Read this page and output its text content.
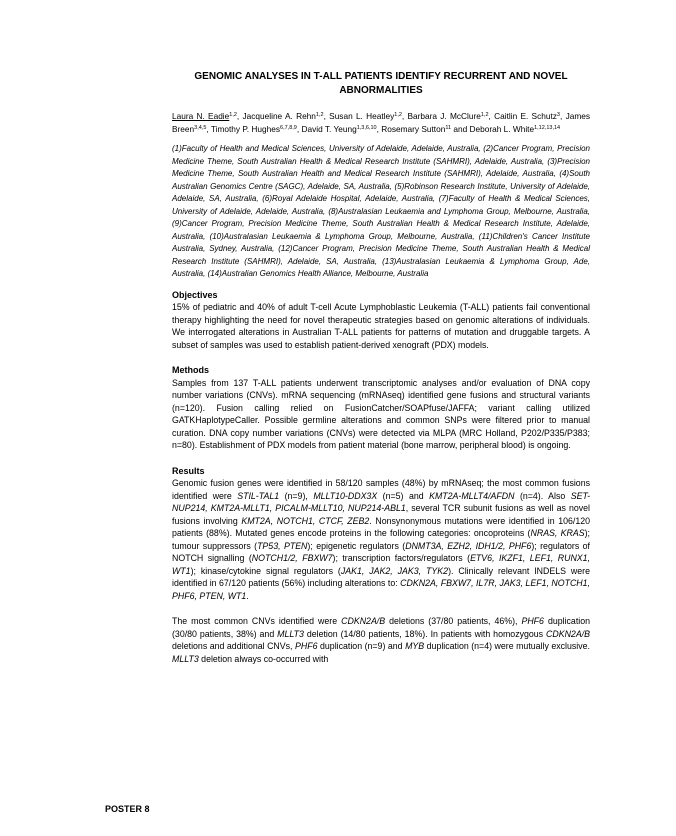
GENOMIC ANALYSES IN T-ALL PATIENTS IDENTIFY RECURRENT AND NOVEL ABNORMALITIES
Laura N. Eadie$^{1,2}$, Jacqueline A. Rehn$^{1,2}$, Susan L. Heatley$^{1,2}$, Barbara J. McClure$^{1,2}$, Caitlin E. Schutz$^3$, James Breen$^{3,4,5}$, Timothy P. Hughes$^{6,7,8,9}$, David T. Yeung$^{1,3,6,10}$, Rosemary Sutton$^{11}$ and Deborah L. White$^{1,12,13,14}$
(1)Faculty of Health and Medical Sciences, University of Adelaide, Adelaide, Australia, (2)Cancer Program, Precision Medicine Theme, South Australian Health & Medical Research Institute (SAHMRI), Adelaide, Australia, (3)Precision Medicine Theme, South Australian Health and Medical Research Institute (SAHMRI), Adelaide, Australia, (4)South Australian Genomics Centre (SAGC), Adelaide, SA, Australia, (5)Robinson Research Institute, University of Adelaide, Adelaide, SA, Australia, (6)Royal Adelaide Hospital, Adelaide, Australia, (7)Faculty of Health & Medical Sciences, University of Adelaide, Adelaide, Australia, (8)Australasian Leukaemia and Lymphoma Group, Melbourne, Australia, (9)Cancer Program, Precision Medicine Theme, South Australian Health & Medical Research Institute, Adelaide, Australia, (10)Australasian Leukaemia & Lymphoma Group, Melbourne, Australia, (11)Children's Cancer Institute Australia, Sydney, Australia, (12)Cancer Program, Precision Medicine Theme, South Australian Health & Medical Research Institute (SAHMRI), Adelaide, SA, Australia, (13)Australasian Leukaemia & Lymphoma Group, Ade, Australia, (14)Australian Genomics Health Alliance, Melbourne, Australia
Objectives
15% of pediatric and 40% of adult T-cell Acute Lymphoblastic Leukemia (T-ALL) patients fail conventional therapy highlighting the need for novel therapeutic strategies based on genomic alterations of individuals. We interrogated alterations in Australian T-ALL patients for patterns of mutation and druggable targets. A subset of samples was used to establish patient-derived xenograft (PDX) models.
Methods
Samples from 137 T-ALL patients underwent transcriptomic analyses and/or evaluation of DNA copy number variations (CNVs). mRNA sequencing (mRNAseq) identified gene fusions and structural variants (n=120). Fusion calling relied on FusionCatcher/SOAPfuse/JAFFA; variant calling utilized GATKHaplotypeCaller. Possible germline alterations and common SNPs were filtered prior to manual curation. DNA copy number variations (CNVs) were detected via MLPA (MRC Holland, P202/P335/P383; n=80). Establishment of PDX models from patient material (bone marrow, peripheral blood) is ongoing.
Results
Genomic fusion genes were identified in 58/120 samples (48%) by mRNAseq; the most common fusions identified were STIL-TAL1 (n=9), MLLT10-DDX3X (n=5) and KMT2A-MLLT4/AFDN (n=4). Also SET-NUP214, KMT2A-MLLT1, PICALM-MLLT10, NUP214-ABL1, several TCR subunit fusions as well as novel fusions involving KMT2A, NOTCH1, CTCF, ZEB2. Nonsynonymous mutations were identified in 106/120 patients (88%). Mutated genes encode proteins in the following categories: oncoproteins (NRAS, KRAS); tumour suppressors (TP53, PTEN); epigenetic regulators (DNMT3A, EZH2, IDH1/2, PHF6); regulators of NOTCH signalling (NOTCH1/2, FBXW7); transcription factors/regulators (ETV6, IKZF1, LEF1, RUNX1, WT1); kinase/cytokine signal regulators (JAK1, JAK2, JAK3, TYK2). Clinically relevant INDELS were identified in 67/120 patients (56%) including alterations to: CDKN2A, FBXW7, IL7R, JAK3, LEF1, NOTCH1, PHF6, PTEN, WT1.
The most common CNVs identified were CDKN2A/B deletions (37/80 patients, 46%), PHF6 duplication (30/80 patients, 38%) and MLLT3 deletion (14/80 patients, 18%). In patients with homozygous CDKN2A/B deletions and additional CNVs, PHF6 duplication (n=9) and MYB duplication (n=4) were mutually exclusive. MLLT3 deletion always co-occurred with
POSTER 8
